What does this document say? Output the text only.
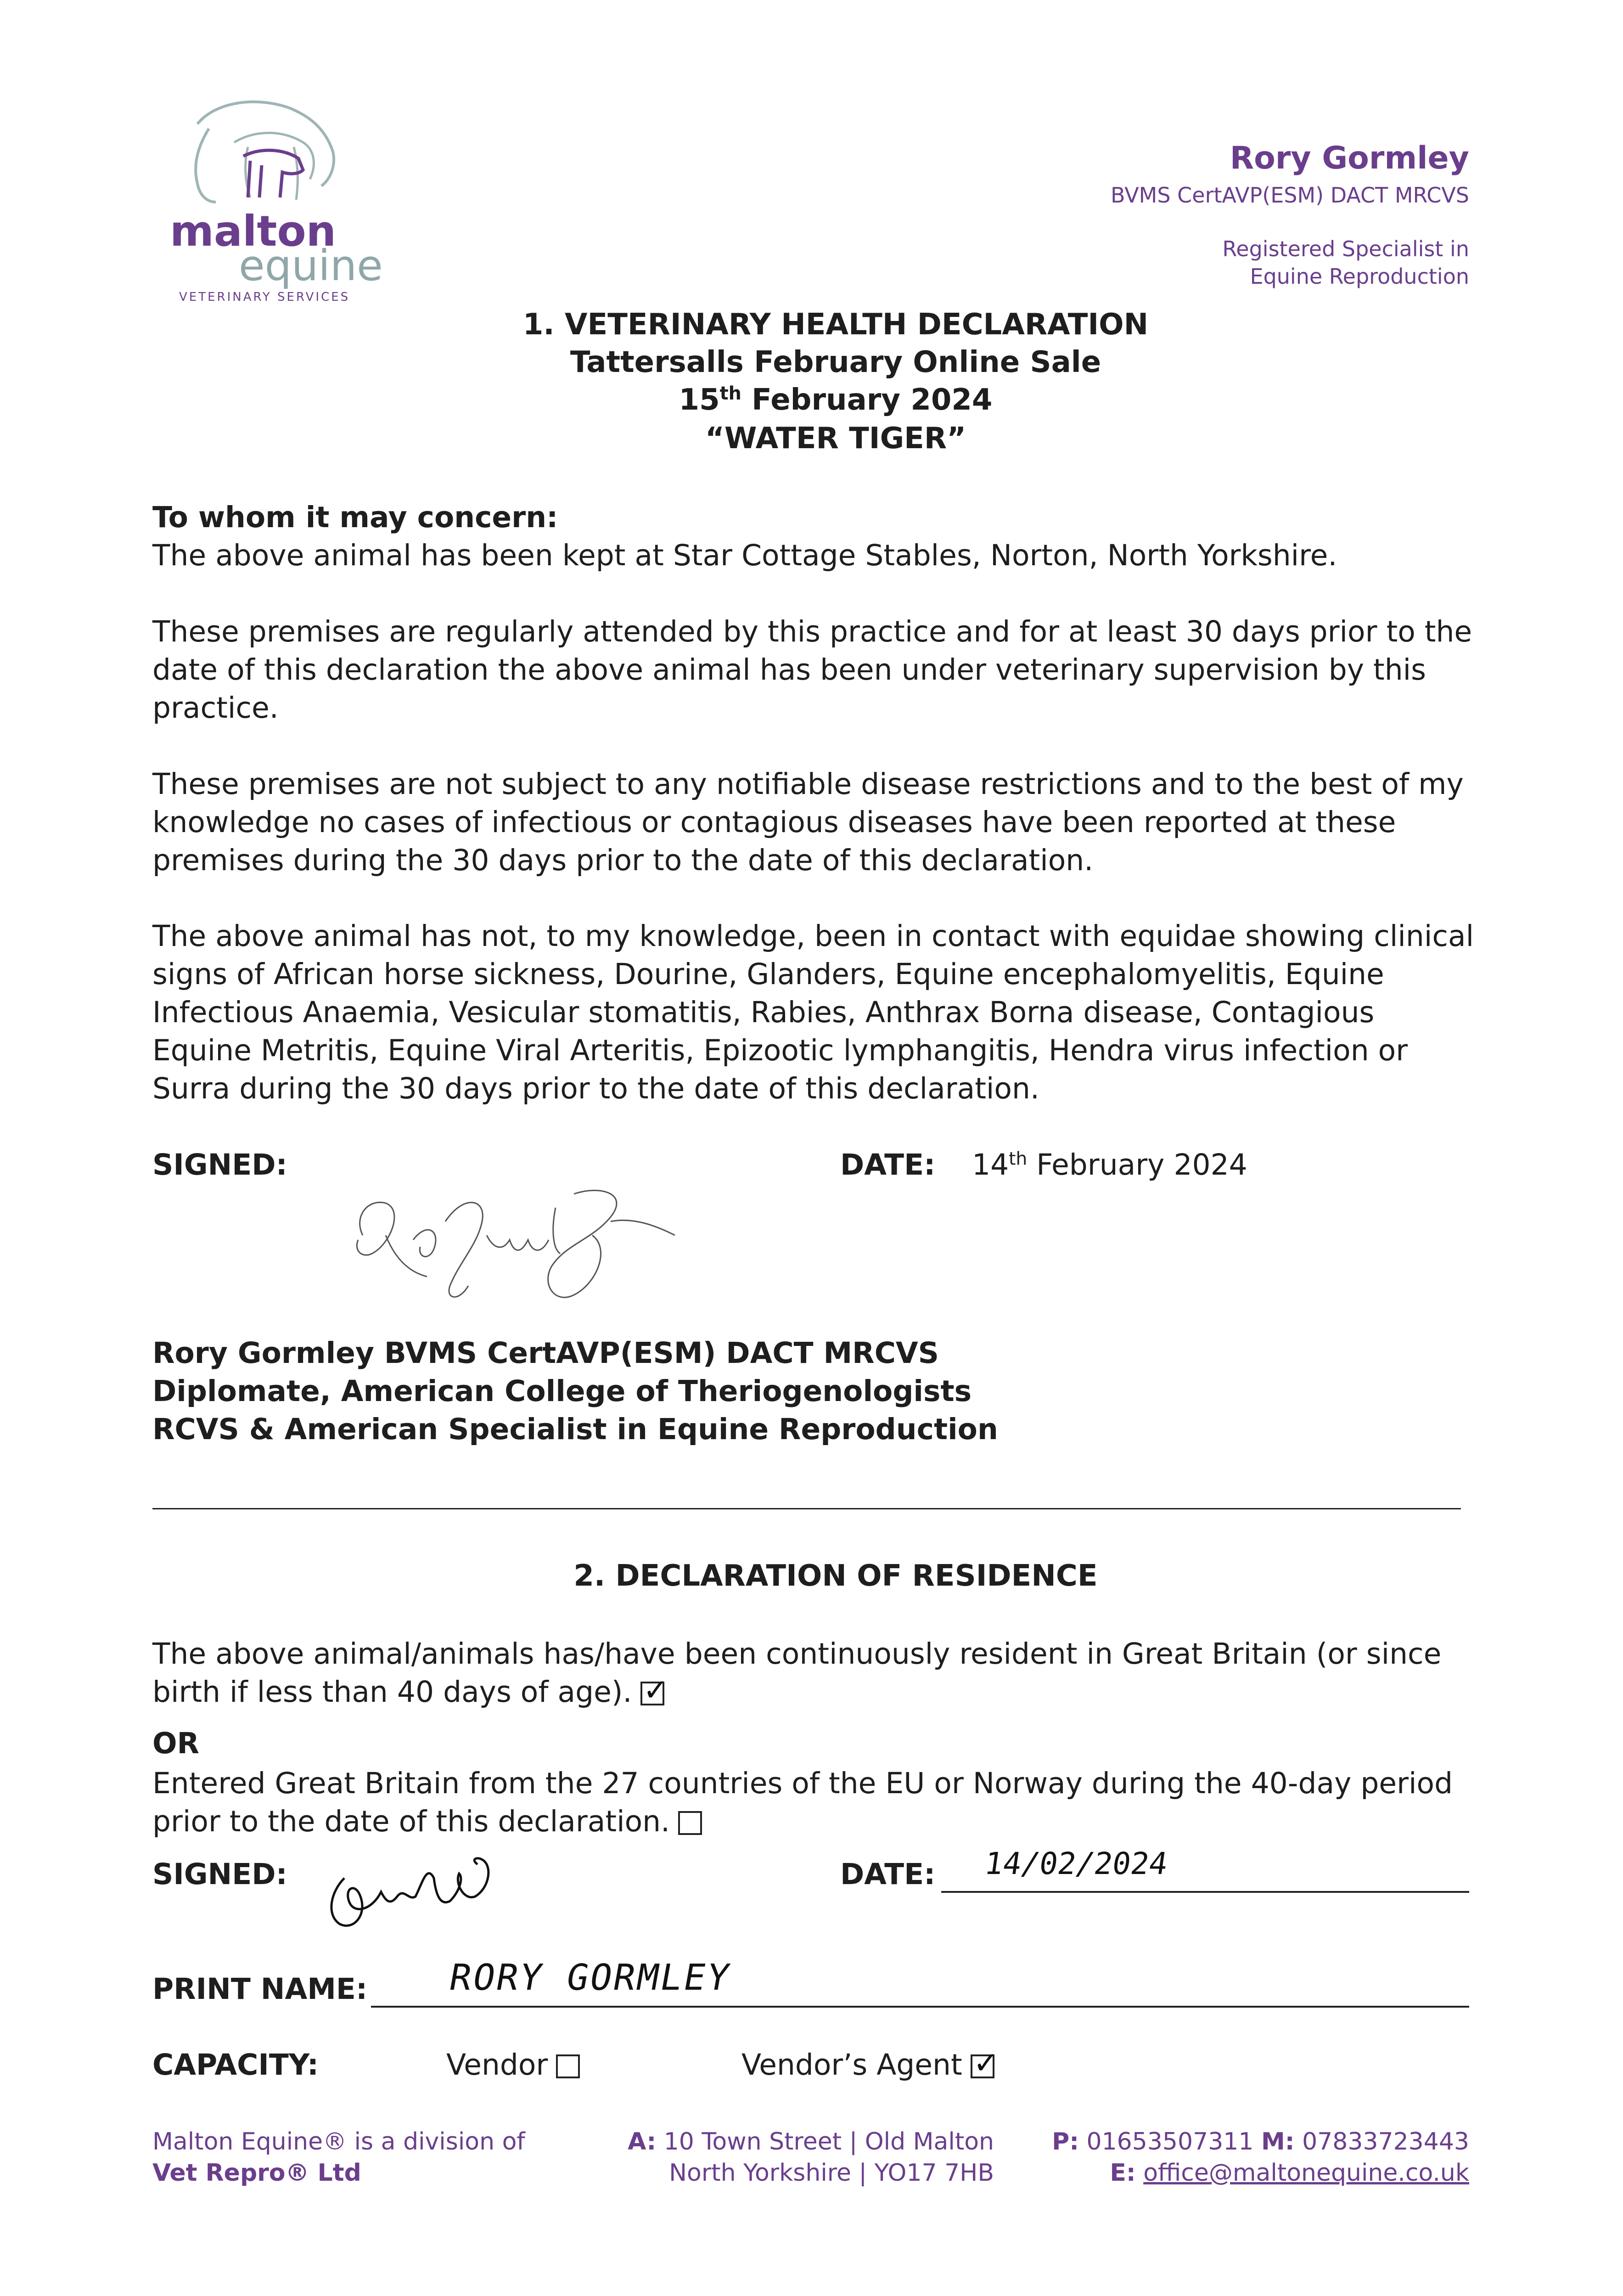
malton
equine
VETERINARY SERVICES
Rory Gormley
BVMS CertAVP(ESM) DACT MRCVS
Registered Specialist in
Equine Reproduction
1. VETERINARY HEALTH DECLARATION
Tattersalls February Online Sale
15th February 2024
“WATER TIGER”
To whom it may concern:
The above animal has been kept at Star Cottage Stables, Norton, North Yorkshire.
These premises are regularly attended by this practice and for at least 30 days prior to the date of this declaration the above animal has been under veterinary supervision by this practice.
These premises are not subject to any notifiable disease restrictions and to the best of my knowledge no cases of infectious or contagious diseases have been reported at these premises during the 30 days prior to the date of this declaration.
The above animal has not, to my knowledge, been in contact with equidae showing clinical signs of African horse sickness, Dourine, Glanders, Equine encephalomyelitis, Equine Infectious Anaemia, Vesicular stomatitis, Rabies, Anthrax Borna disease, Contagious Equine Metritis, Equine Viral Arteritis, Epizootic lymphangitis, Hendra virus infection or Surra during the 30 days prior to the date of this declaration.
SIGNED:	DATE: 14th February 2024
Rory Gormley BVMS CertAVP(ESM) DACT MRCVS
Diplomate, American College of Theriogenologists
RCVS & American Specialist in Equine Reproduction
2. DECLARATION OF RESIDENCE
The above animal/animals has/have been continuously resident in Great Britain (or since birth if less than 40 days of age). ✓
OR
Entered Great Britain from the 27 countries of the EU or Norway during the 40-day period prior to the date of this declaration.
SIGNED:	DATE: 14/02/2024
PRINT NAME: RORY GORMLEY
CAPACITY:	Vendor	Vendor’s Agent ✓
Malton Equine® is a division of
Vet Repro® Ltd
A: 10 Town Street | Old Malton
North Yorkshire | YO17 7HB
P: 01653507311 M: 07833723443
E: office@maltonequine.co.uk
